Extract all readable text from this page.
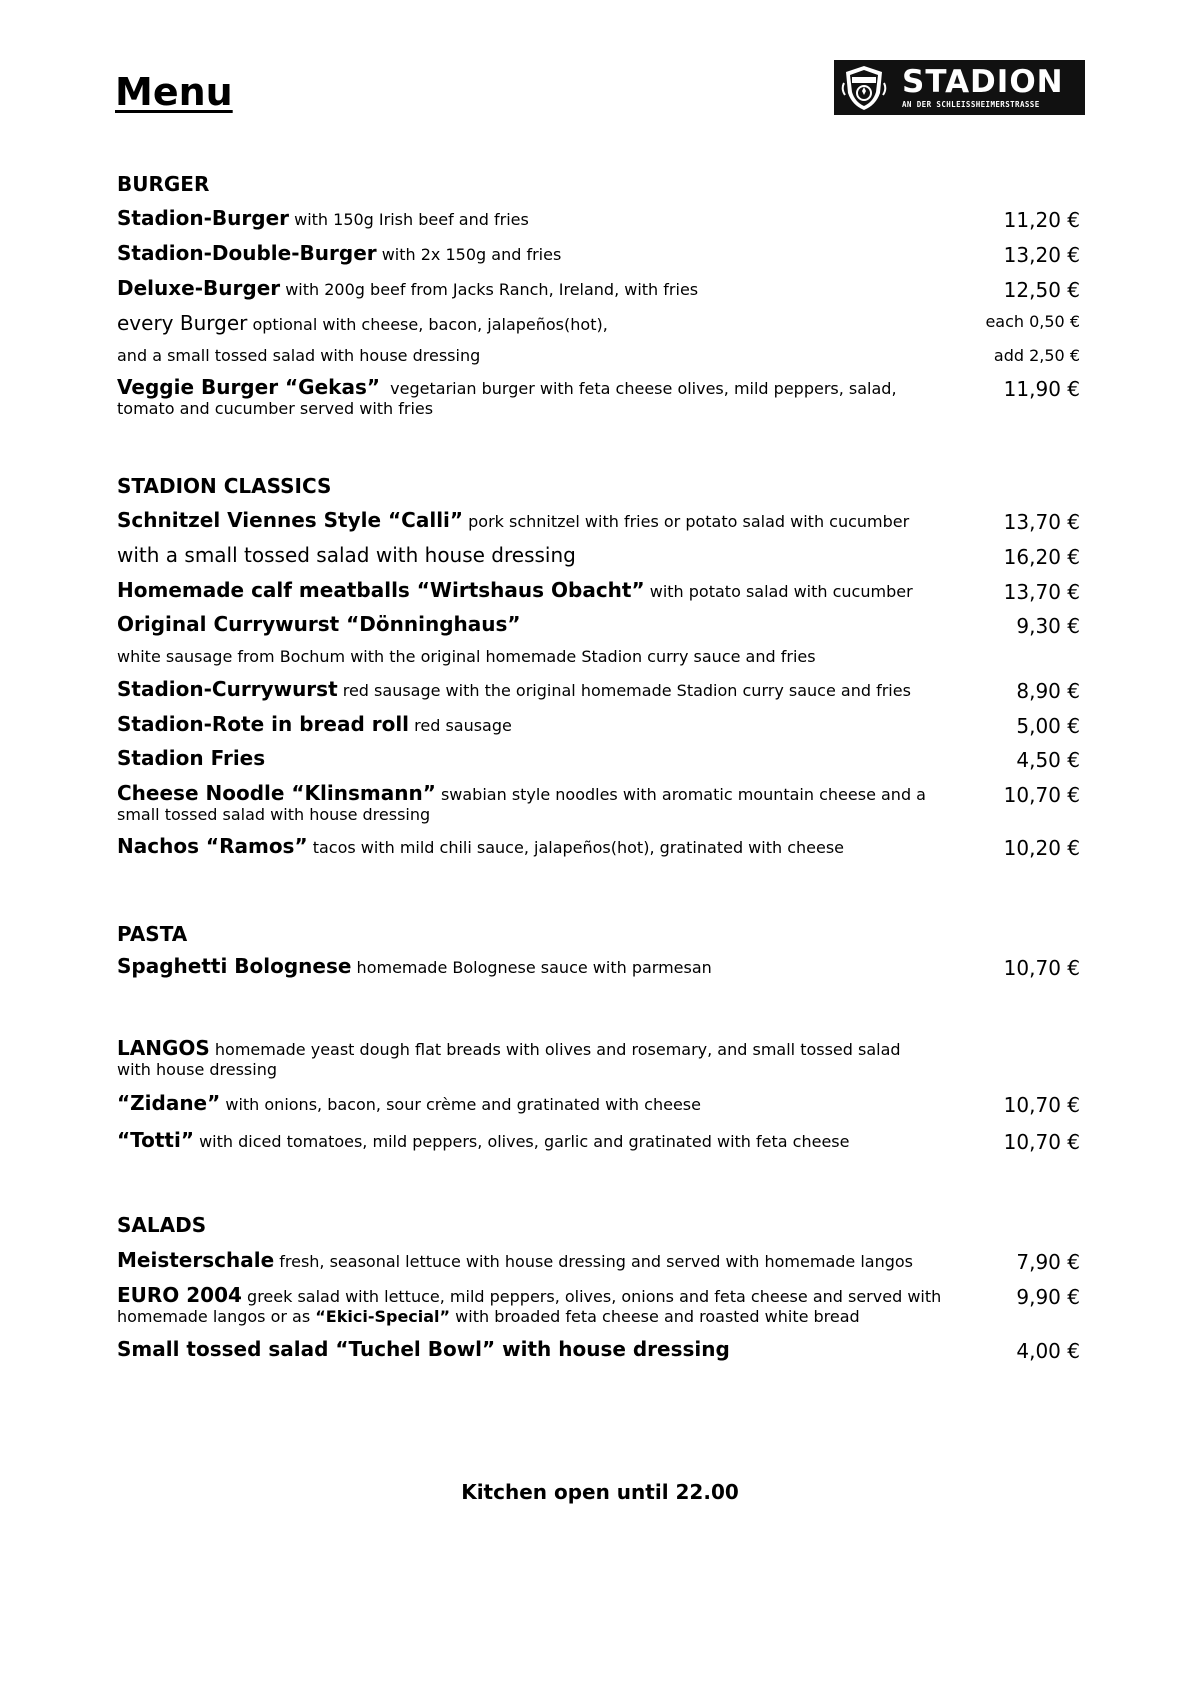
Menu	STADION
AN DER SCHLEISSHEIMERSTRASSE
BURGER
Stadion-Burger with 150g Irish beef and fries	11,20 €
Stadion-Double-Burger with 2x 150g and fries	13,20 €
Deluxe-Burger with 200g beef from Jacks Ranch, Ireland, with fries	12,50 €
every Burger optional with cheese, bacon, jalapeños(hot),	each 0,50 €
and a small tossed salad with house dressing	add 2,50 €
Veggie Burger “Gekas” vegetarian burger with feta cheese olives, mild peppers, salad, tomato and cucumber served with fries
11,90 €
STADION CLASSICS
Schnitzel Viennes Style “Calli” pork schnitzel with fries or potato salad with cucumber	13,70 €
with a small tossed salad with house dressing	16,20 €
Homemade calf meatballs “Wirtshaus Obacht” with potato salad with cucumber	13,70 €
Original Currywurst “Dönninghaus”	9,30 €
white sausage from Bochum with the original homemade Stadion curry sauce and fries
Stadion-Currywurst red sausage with the original homemade Stadion curry sauce and fries	8,90 €
Stadion-Rote in bread roll red sausage	5,00 €
Stadion Fries	4,50 €
Cheese Noodle “Klinsmann” swabian style noodles with aromatic mountain cheese and a small tossed salad with house dressing
10,70 €
Nachos “Ramos” tacos with mild chili sauce, jalapeños(hot), gratinated with cheese	10,20 €
PASTA
Spaghetti Bolognese homemade Bolognese sauce with parmesan	10,70 €
LANGOS homemade yeast dough flat breads with olives and rosemary, and small tossed salad with house dressing
“Zidane” with onions, bacon, sour crème and gratinated with cheese	10,70 €
“Totti” with diced tomatoes, mild peppers, olives, garlic and gratinated with feta cheese	10,70 €
SALADS
Meisterschale fresh, seasonal lettuce with house dressing and served with homemade langos	7,90 €
EURO 2004 greek salad with lettuce, mild peppers, olives, onions and feta cheese and served with homemade langos or as “Ekici-Special” with broaded feta cheese and roasted white bread
9,90 €
Small tossed salad “Tuchel Bowl” with house dressing	4,00 €
Kitchen open until 22.00
